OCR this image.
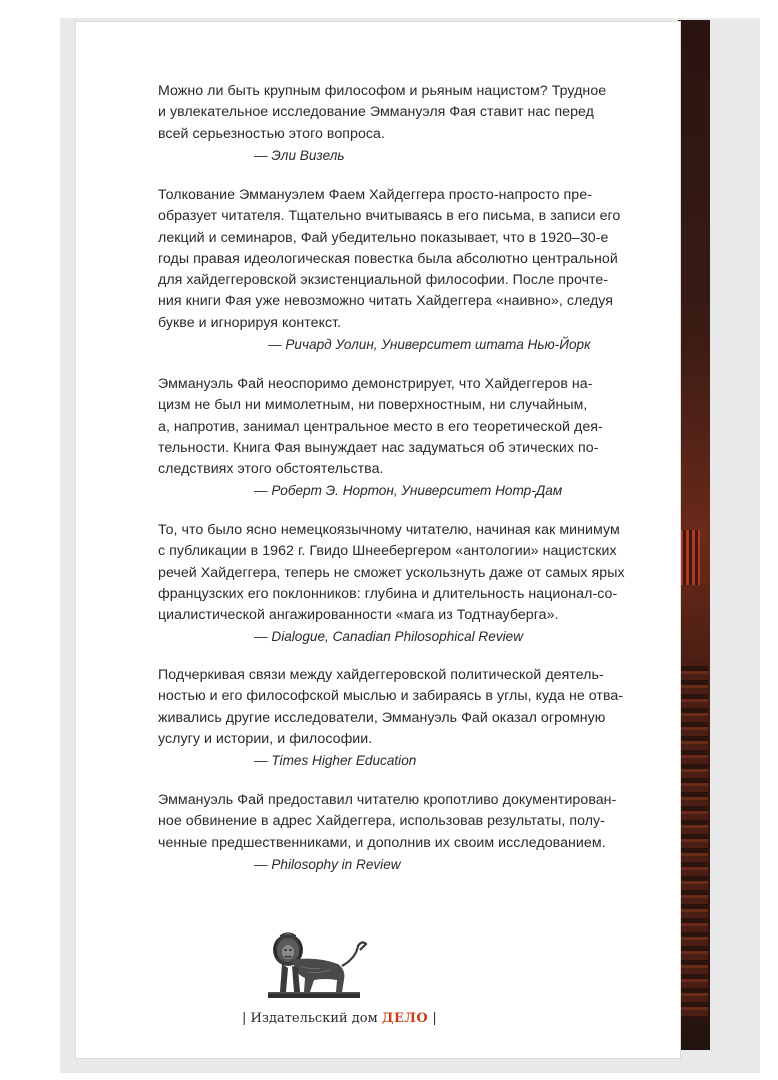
Можно ли быть крупным философом и рьяным нацистом? Трудное
и увлекательное исследование Эммануэля Фая ставит нас перед
всей серьезностью этого вопроса.

— Эли Визель

Толкование Эммануэлем Фаем Хайдеггера просто-напросто пре-
образует читателя. Тщательно вчитываясь в его письма, в записи его
лекций и семинаров, Фай убедительно показывает, что в 1920–30-е
годы правая идеологическая повестка была абсолютно центральной
для хайдеггеровской экзистенциальной философии. После прочте-
ния книги Фая уже невозможно читать Хайдеггера «наивно», следуя
букве и игнорируя контекст.

— Ричард Уолин, Университет штата Нью-Йорк

Эммануэль Фай неоспоримо демонстрирует, что Хайдеггеров на-
цизм не был ни мимолетным, ни поверхностным, ни случайным,
а, напротив, занимал центральное место в его теоретической дея-
тельности. Книга Фая вынуждает нас задуматься об этических по-
следствиях этого обстоятельства.

— Роберт Э. Нортон, Университет Нотр-Дам

То, что было ясно немецкоязычному читателю, начиная как минимум
с публикации в 1962 г. Гвидо Шнеебергером «антологии» нацистских
речей Хайдеггера, теперь не сможет ускользнуть даже от самых ярых
французских его поклонников: глубина и длительность национал-со-
циалистической ангажированности «мага из Тодтнауберга».

— Dialogue, Canadian Philosophical Review

Подчеркивая связи между хайдеггеровской политической деятель-
ностью и его философской мыслью и забираясь в углы, куда не отва-
живались другие исследователи, Эммануэль Фай оказал огромную
услугу и истории, и философии.

— Times Higher Education

Эммануэль Фай предоставил читателю кропотливо документирован-
ное обвинение в адрес Хайдеггера, использовав результаты, полу-
ченные предшественниками, и дополнив их своим исследованием.

— Philosophy in Review

| Издательский дом ДЕЛО |
